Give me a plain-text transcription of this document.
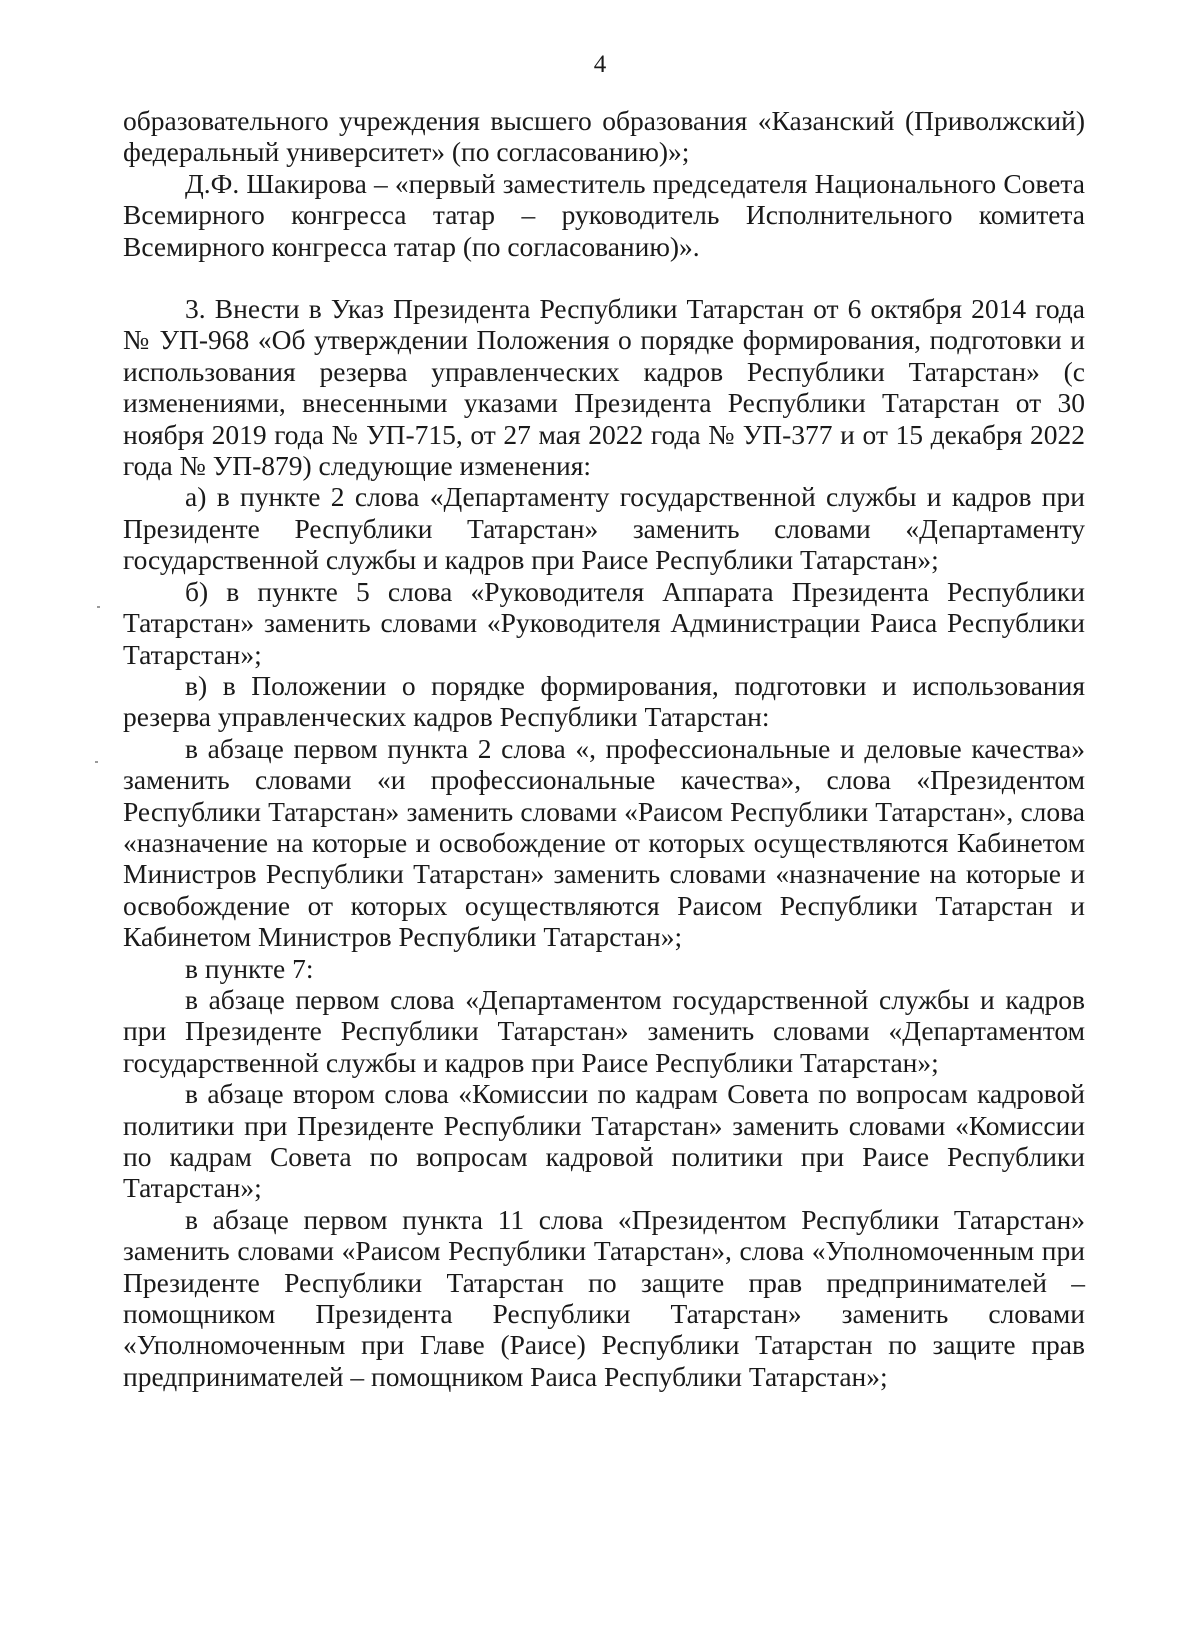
4

образовательного учреждения высшего образования «Казанский (Приволжский) федеральный университет» (по согласованию)»;

Д.Ф. Шакирова – «первый заместитель председателя Национального Совета Всемирного конгресса татар – руководитель Исполнительного комитета Всемирного конгресса татар (по согласованию)».

3. Внести в Указ Президента Республики Татарстан от 6 октября 2014 года № УП-968 «Об утверждении Положения о порядке формирования, подготовки и использования резерва управленческих кадров Республики Татарстан» (с изменениями, внесенными указами Президента Республики Татарстан от 30 ноября 2019 года № УП-715, от 27 мая 2022 года № УП-377 и от 15 декабря 2022 года № УП-879) следующие изменения:

а) в пункте 2 слова «Департаменту государственной службы и кадров при Президенте Республики Татарстан» заменить словами «Департаменту государственной службы и кадров при Раисе Республики Татарстан»;

б) в пункте 5 слова «Руководителя Аппарата Президента Республики Татарстан» заменить словами «Руководителя Администрации Раиса Республики Татарстан»;

в) в Положении о порядке формирования, подготовки и использования резерва управленческих кадров Республики Татарстан:

в абзаце первом пункта 2 слова «, профессиональные и деловые качества» заменить словами «и профессиональные качества», слова «Президентом Республики Татарстан» заменить словами «Раисом Республики Татарстан», слова «назначение на которые и освобождение от которых осуществляются Кабинетом Министров Республики Татарстан» заменить словами «назначение на которые и освобождение от которых осуществляются Раисом Республики Татарстан и Кабинетом Министров Республики Татарстан»;

в пункте 7:

в абзаце первом слова «Департаментом государственной службы и кадров при Президенте Республики Татарстан» заменить словами «Департаментом государственной службы и кадров при Раисе Республики Татарстан»;

в абзаце втором слова «Комиссии по кадрам Совета по вопросам кадровой политики при Президенте Республики Татарстан» заменить словами «Комиссии по кадрам Совета по вопросам кадровой политики при Раисе Республики Татарстан»;

в абзаце первом пункта 11 слова «Президентом Республики Татарстан» заменить словами «Раисом Республики Татарстан», слова «Уполномоченным при Президенте Республики Татарстан по защите прав предпринимателей – помощником Президента Республики Татарстан» заменить словами «Уполномоченным при Главе (Раисе) Республики Татарстан по защите прав предпринимателей – помощником Раиса Республики Татарстан»;
